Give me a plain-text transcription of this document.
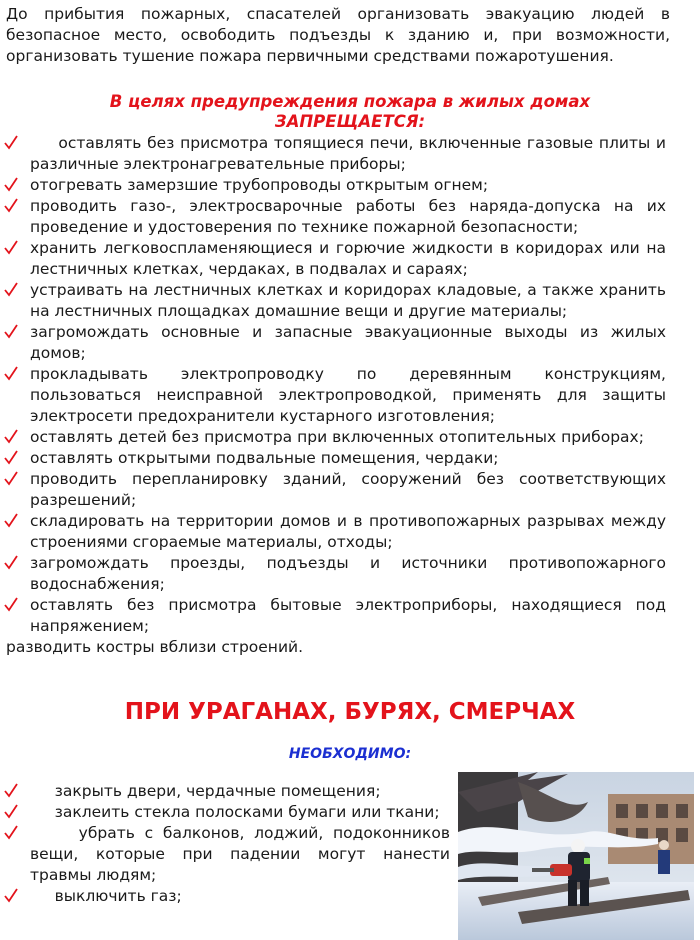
До прибытия пожарных, спасателей организовать эвакуацию людей в безопасное место, освободить подъезды к зданию и, при возможности, организовать тушение пожара первичными средствами пожаротушения.

В целях предупреждения пожара в жилых домах
ЗАПРЕЩАЕТСЯ:
оставлять без присмотра топящиеся печи, включенные газовые плиты и различные электронагревательные приборы;
отогревать замерзшие трубопроводы открытым огнем;
проводить газо-, электросварочные работы без наряда-допуска на их проведение и удостоверения по технике пожарной безопасности;
хранить легковоспламеняющиеся и горючие жидкости в коридорах или на лестничных клетках, чердаках, в подвалах и сараях;
устраивать на лестничных клетках и коридорах кладовые, а также хранить на лестничных площадках домашние вещи и другие материалы;
загромождать основные и запасные эвакуационные выходы из жилых домов;
прокладывать электропроводку по деревянным конструкциям, пользоваться неисправной электропроводкой, применять для защиты электросети предохранители кустарного изготовления;
оставлять детей без присмотра при включенных отопительных приборах;
оставлять открытыми подвальные помещения, чердаки;
проводить перепланировку зданий, сооружений без соответствующих разрешений;
складировать на территории домов и в противопожарных разрывах между строениями сгораемые материалы, отходы;
загромождать проезды, подъезды и источники противопожарного водоснабжения;
оставлять без присмотра бытовые электроприборы, находящиеся под напряжением;
разводить костры вблизи строений.
ПРИ УРАГАНАХ, БУРЯХ, СМЕРЧАХ
НЕОБХОДИМО:
закрыть двери, чердачные помещения;
заклеить стекла полосками бумаги или ткани;
убрать с балконов, лоджий, подоконников вещи, которые при падении могут нанести травмы людям;
выключить газ;
